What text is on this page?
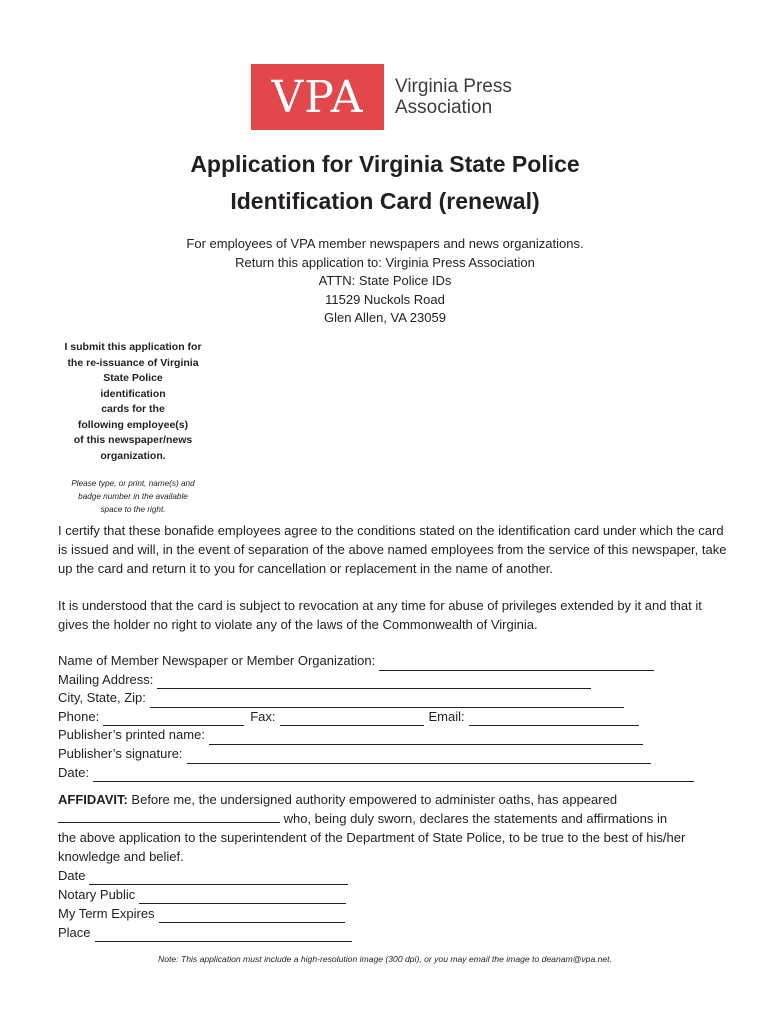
VPA	Virginia Press
Association
Application for Virginia State Police
Identification Card (renewal)
For employees of VPA member newspapers and news organizations.
Return this application to: Virginia Press Association
ATTN: State Police IDs
11529 Nuckols Road
Glen Allen, VA 23059
I submit this application for
the re-issuance of Virginia
State Police
identification
cards for the
following employee(s)
of this newspaper/news
organization.
Please type, or print, name(s) and
badge number in the available
space to the right.
I certify that these bonafide employees agree to the conditions stated on the identification card under which the card is issued and will, in the event of separation of the above named employees from the service of this newspaper, take up the card and return it to you for cancellation or replacement in the name of another.
It is understood that the card is subject to revocation at any time for abuse of privileges extended by it and that it gives the holder no right to violate any of the laws of the Commonwealth of Virginia.
Name of Member Newspaper or Member Organization:
Mailing Address:
City, State, Zip:
Phone:	Fax:	Email:
Publisher’s printed name:
Publisher’s signature:
Date:
AFFIDAVIT: Before me, the undersigned authority empowered to administer oaths, has appeared
who, being duly sworn, declares the statements and affirmations in
the above application to the superintendent of the Department of State Police, to be true to the best of his/her knowledge and belief.
Date
Notary Public
My Term Expires
Place
Note: This application must include a high-resolution image (300 dpi), or you may email the image to deanam@vpa.net.
